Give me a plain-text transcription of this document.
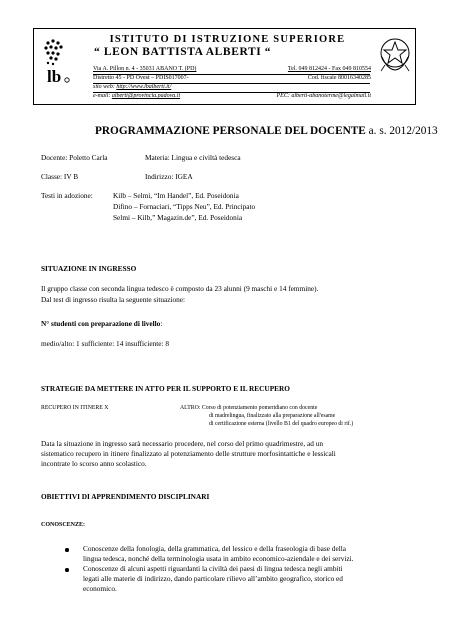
lb
ISTITUTO DI ISTRUZIONE SUPERIORE
“ LEON BATTISTA ALBERTI “
Via A. Pillon n. 4 - 35031 ABANO T. (PD)	Tel. 049 812424 - Fax 049 810554
Distretto 45 - PD Ovest – PDIS017007-	Cod. fiscale 80016340285
sito web: http://www.lbalberti.it/
e-mail: alberti@provincia.padova.it	PEC: alberti-abanoterme@legalmail.it
PROGRAMMAZIONE PERSONALE DEL DOCENTE a. s. 2012/2013
Docente: Poletto Carla	Materia: Lingua e civiltà tedesca
Classe: IV B	Indirizzo: IGEA
Testi in adozione:	Kilb – Selmi, “Im Handel”, Ed. Poseidonia
Difino – Fornaciari, “Tipps Neu”, Ed. Principato
Selmi – Kilb,” Magazin.de”, Ed. Poseidonia
SITUAZIONE IN INGRESSO
Il gruppo classe con seconda lingua tedesco è composto da 23 alunni (9 maschi e 14 femmine).
Dal test di ingresso risulta la seguente situazione:
N° studenti con preparazione di livello:
medio/alto: 1 sufficiente: 14 insufficiente: 8
STRATEGIE DA METTERE IN ATTO PER IL SUPPORTO E IL RECUPERO
RECUPERO IN ITINERE X	ALTRO: Corso di potenziamento pomeridiano con docente
di madrelingua, finalizzato alla preparazione all'esame
di certificazione esterna (livello B1 del quadro europeo di rif.)
Data la situazione in ingresso sarà necessario procedere, nel corso del primo quadrimestre, ad un
sistematico recupero in itinere finalizzato al potenziamento delle strutture morfosintattiche e lessicali
incontrate lo scorso anno scolastico.
OBIETTIVI DI APPRENDIMENTO DISCIPLINARI
CONOSCENZE:
Conoscenze della fonologia, della grammatica, del lessico e della fraseologia di base della
lingua tedesca, nonché della terminologia usata in ambito economico-aziendale e dei servizi.
Conoscenze di alcuni aspetti riguardanti la civiltà dei paesi di lingua tedesca negli ambiti
legati alle materie di indirizzo, dando particolare rilievo all’ambito geografico, storico ed
economico.
